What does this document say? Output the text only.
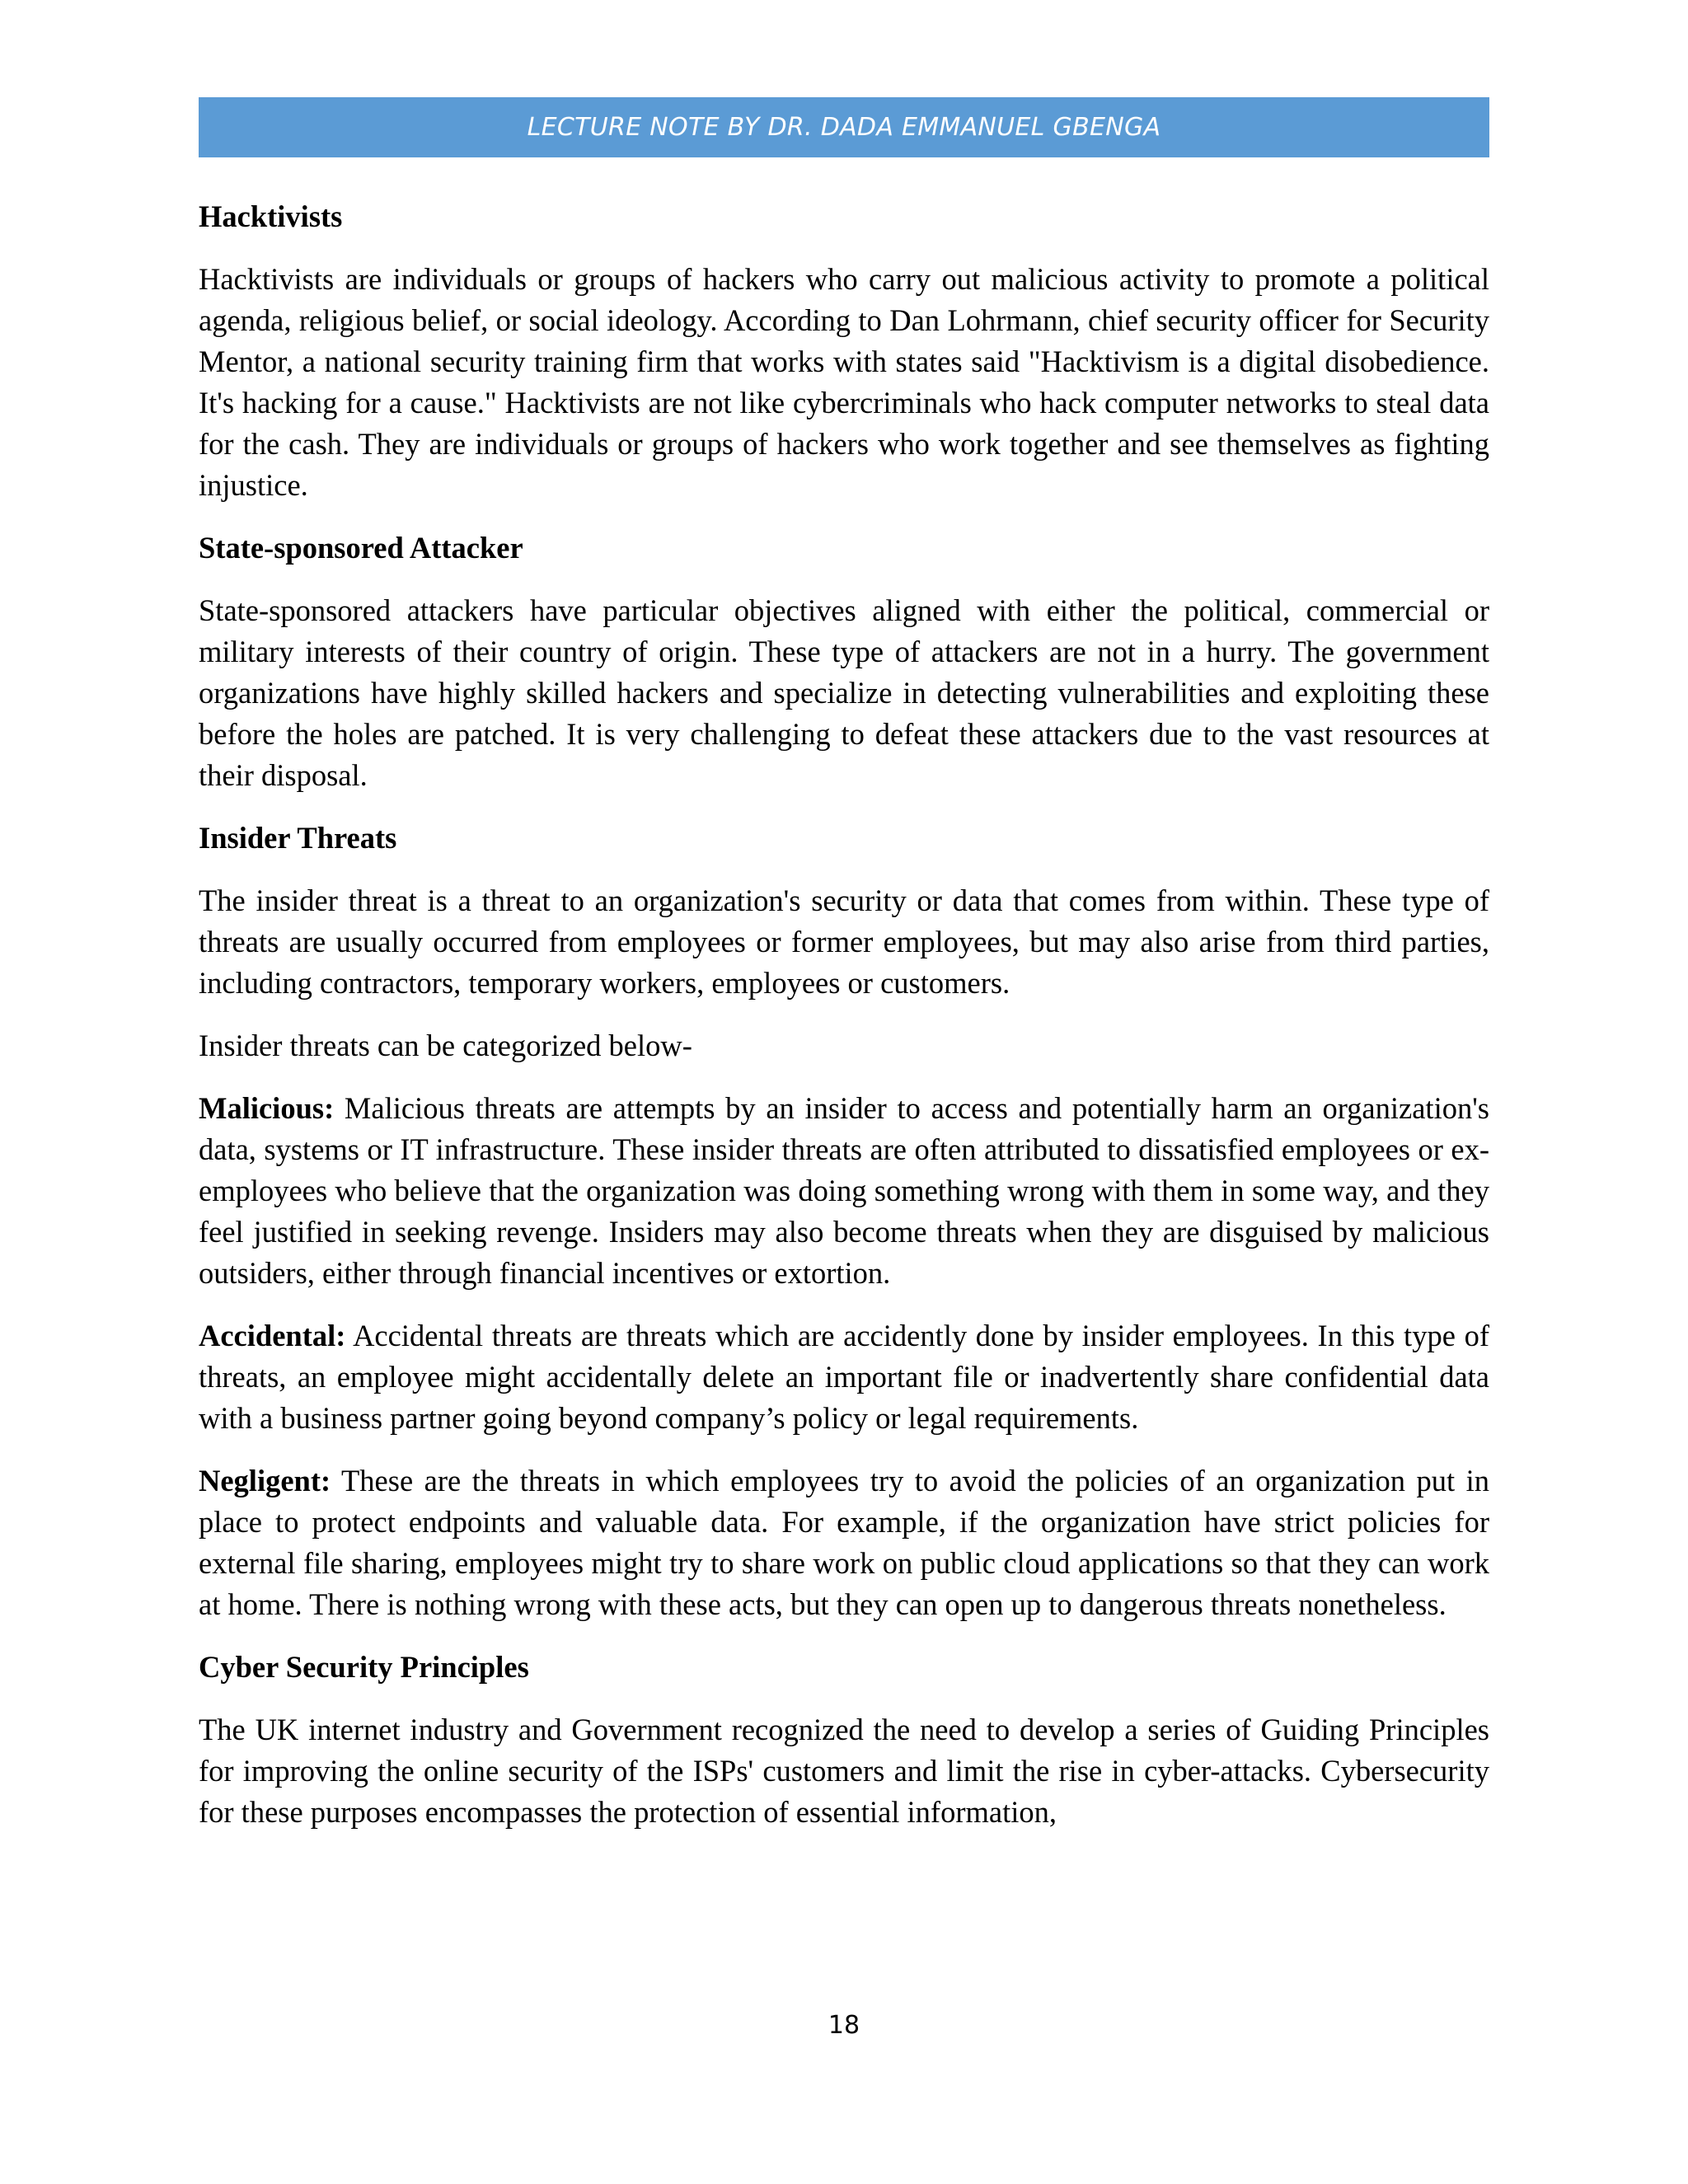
LECTURE NOTE BY DR. DADA EMMANUEL GBENGA
Hacktivists

Hacktivists are individuals or groups of hackers who carry out malicious activity to promote a political agenda, religious belief, or social ideology. According to Dan Lohrmann, chief security officer for Security Mentor, a national security training firm that works with states said "Hacktivism is a digital disobedience. It's hacking for a cause." Hacktivists are not like cybercriminals who hack computer networks to steal data for the cash. They are individuals or groups of hackers who work together and see themselves as fighting injustice.

State-sponsored Attacker

State-sponsored attackers have particular objectives aligned with either the political, commercial or military interests of their country of origin. These type of attackers are not in a hurry. The government organizations have highly skilled hackers and specialize in detecting vulnerabilities and exploiting these before the holes are patched. It is very challenging to defeat these attackers due to the vast resources at their disposal.

Insider Threats

The insider threat is a threat to an organization's security or data that comes from within. These type of threats are usually occurred from employees or former employees, but may also arise from third parties, including contractors, temporary workers, employees or customers.

Insider threats can be categorized below-

Malicious: Malicious threats are attempts by an insider to access and potentially harm an organization's data, systems or IT infrastructure. These insider threats are often attributed to dissatisfied employees or ex-employees who believe that the organization was doing something wrong with them in some way, and they feel justified in seeking revenge. Insiders may also become threats when they are disguised by malicious outsiders, either through financial incentives or extortion.

Accidental: Accidental threats are threats which are accidently done by insider employees. In this type of threats, an employee might accidentally delete an important file or inadvertently share confidential data with a business partner going beyond company’s policy or legal requirements.

Negligent: These are the threats in which employees try to avoid the policies of an organization put in place to protect endpoints and valuable data. For example, if the organization have strict policies for external file sharing, employees might try to share work on public cloud applications so that they can work at home. There is nothing wrong with these acts, but they can open up to dangerous threats nonetheless.

Cyber Security Principles

The UK internet industry and Government recognized the need to develop a series of Guiding Principles for improving the online security of the ISPs' customers and limit the rise in cyber-attacks. Cybersecurity for these purposes encompasses the protection of essential information,

18
